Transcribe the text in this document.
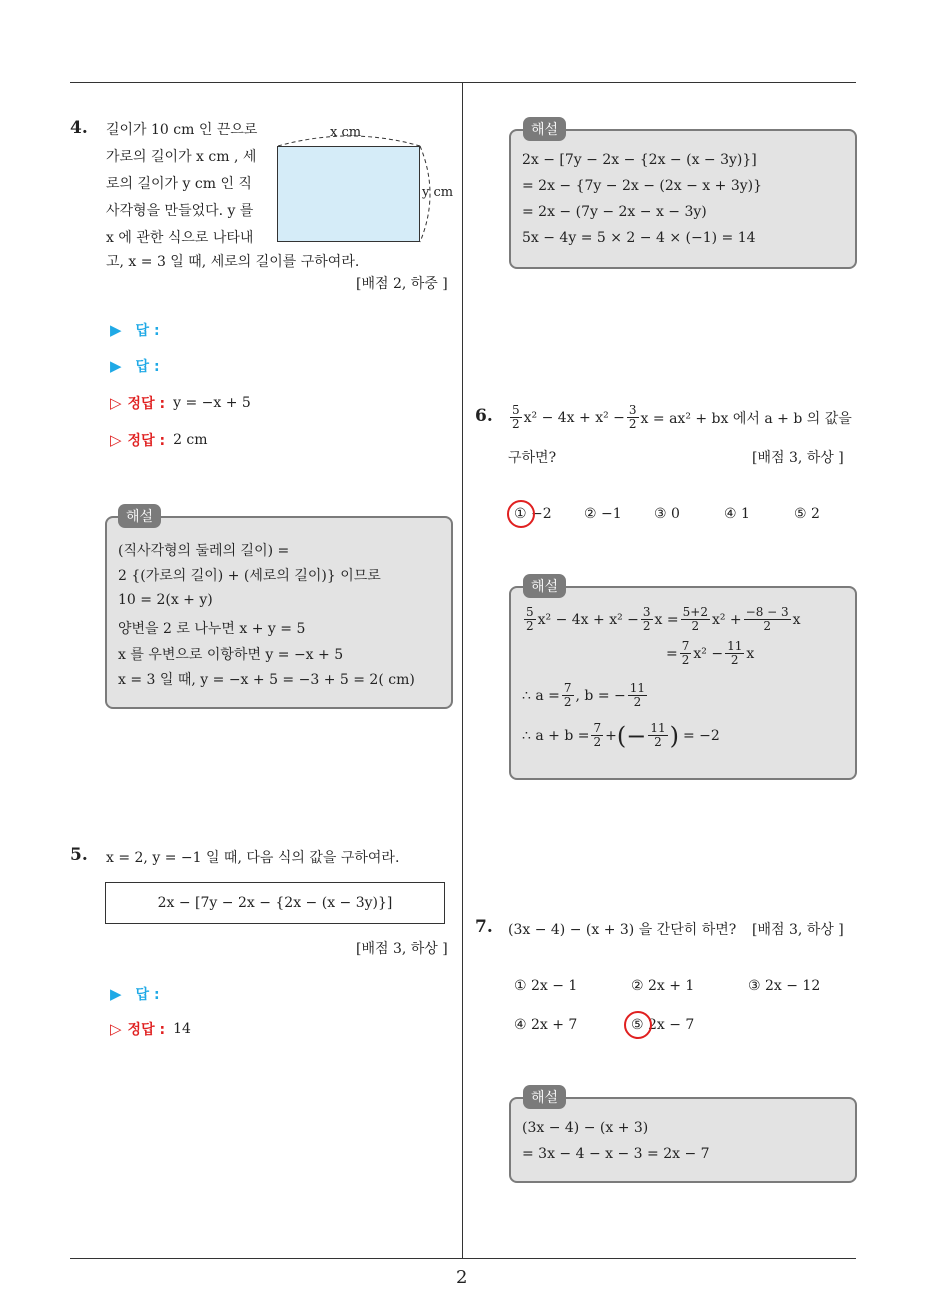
4. 길이가 10 cm 인 끈으로
가로의 길이가 x cm , 세
로의 길이가 y cm 인 직
사각형을 만들었다. y 를
x 에 관한 식으로 나타내
고, x = 3 일 때, 세로의 길이를 구하여라.
x cm
y cm
[배점 2, 하중 ]
▶ 답 :
▶ 답 :
▷ 정답 : y = −x + 5
▷ 정답 : 2 cm
해설
(직사각형의 둘레의 길이) =
2 {(가로의 길이) + (세로의 길이)} 이므로
10 = 2(x + y)
양변을 2 로 나누면 x + y = 5
x 를 우변으로 이항하면 y = −x + 5
x = 3 일 때, y = −x + 5 = −3 + 5 = 2( cm)
5. x = 2, y = −1 일 때, 다음 식의 값을 구하여라.
2x − [7y − 2x − {2x − (x − 3y)}]
[배점 3, 하상 ]
▶ 답 :
▷ 정답 : 14
해설
2x − [7y − 2x − {2x − (x − 3y)}]
= 2x − {7y − 2x − (2x − x + 3y)}
= 2x − (7y − 2x − x − 3y)
5x − 4y = 5 × 2 − 4 × (−1) = 14
6. $\frac{5}{2} x^2 - 4x + x^2 - \frac{3}{2}$ x = ax² + bx 에서 a + b 의 값을
구하면?	[배점 3, 하상 ]
① −2 ② −1 ③ 0	④ 1	⑤ 2
해설
$\frac{5}{2} x^2 - 4x + x^2 - \frac{3}{2}$ $x = \frac{5+2}{2} x^2 + \frac{-8 - 3}{2}$ x
= $\frac{7}{2} x^2 - \frac{11}{2}$ x
∴ $a = \frac{7}{2}$ , b = − $\frac{11}{2}$
∴ $a + b = \frac{7}{2}$ + (− $\frac{11}{2}$ ) = −2
7. (3x − 4) − (x + 3) 을 간단히 하면? [배점 3, 하상 ]
① 2x − 1	② 2x + 1	③ 2x − 12
④ 2x + 7	⑤ 2x − 7
해설
(3x − 4) − (x + 3)
= 3x − 4 − x − 3 = 2x − 7
2
